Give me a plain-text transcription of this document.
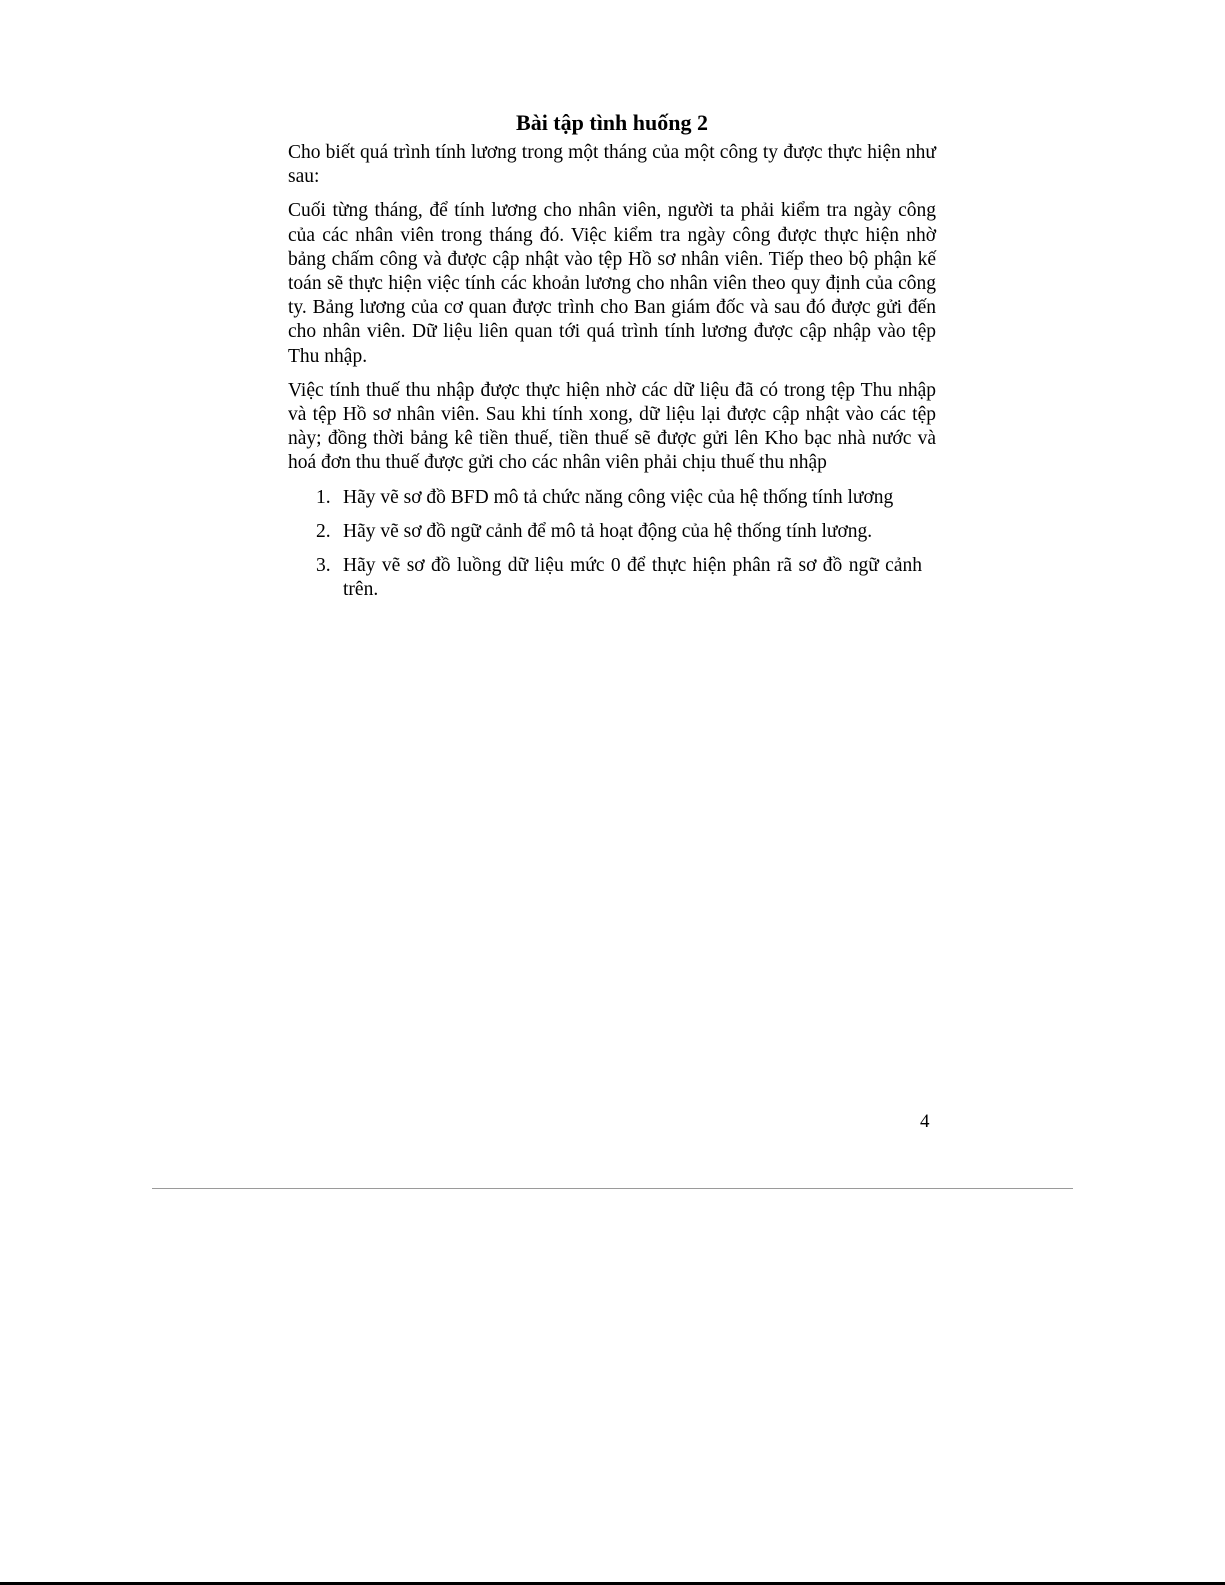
Bài tập tình huống 2

Cho biết quá trình tính lương trong một tháng của một công ty được thực hiện như sau:

Cuối từng tháng, để tính lương cho nhân viên, người ta phải kiểm tra ngày công của các nhân viên trong tháng đó. Việc kiểm tra ngày công được thực hiện nhờ bảng chấm công và được cập nhật vào tệp Hồ sơ nhân viên. Tiếp theo bộ phận kế toán sẽ thực hiện việc tính các khoản lương cho nhân viên theo quy định của công ty. Bảng lương của cơ quan được trình cho Ban giám đốc và sau đó được gửi đến cho nhân viên. Dữ liệu liên quan tới quá trình tính lương được cập nhập vào tệp Thu nhập.

Việc tính thuế thu nhập được thực hiện nhờ các dữ liệu đã có trong tệp Thu nhập và tệp Hồ sơ nhân viên. Sau khi tính xong, dữ liệu lại được cập nhật vào các tệp này; đồng thời bảng kê tiền thuế, tiền thuế sẽ được gửi lên Kho bạc nhà nước và hoá đơn thu thuế được gửi cho các nhân viên phải chịu thuế thu nhập

1. Hãy vẽ sơ đồ BFD mô tả chức năng công việc của hệ thống tính lương
2. Hãy vẽ sơ đồ ngữ cảnh để mô tả hoạt động của hệ thống tính lương.
3. Hãy vẽ sơ đồ luồng dữ liệu mức 0 để thực hiện phân rã sơ đồ ngữ cảnh trên.
4
